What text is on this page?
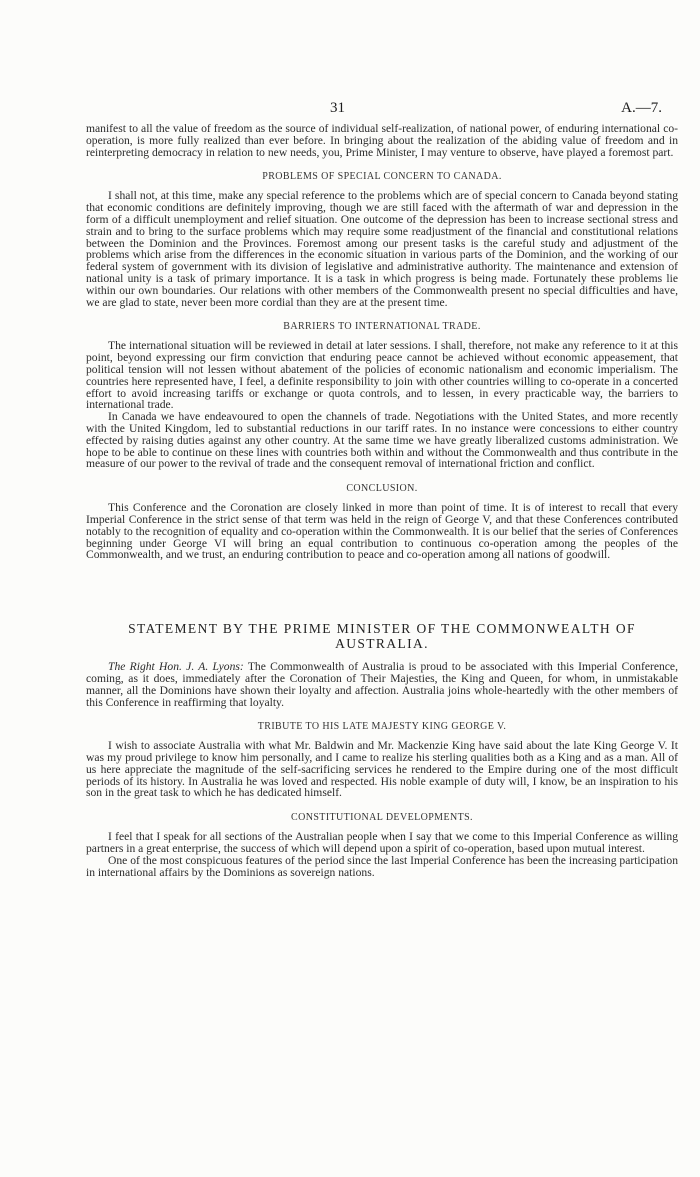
31	A.—7.

manifest to all the value of freedom as the source of individual self-realization, of national power, of enduring international co-operation, is more fully realized than ever before. In bringing about the realization of the abiding value of freedom and in reinterpreting democracy in relation to new needs, you, Prime Minister, I may venture to observe, have played a foremost part.

PROBLEMS OF SPECIAL CONCERN TO CANADA.

I shall not, at this time, make any special reference to the problems which are of special concern to Canada beyond stating that economic conditions are definitely improving, though we are still faced with the aftermath of war and depression in the form of a difficult unemployment and relief situation. One outcome of the depression has been to increase sectional stress and strain and to bring to the surface problems which may require some readjustment of the financial and constitutional relations between the Dominion and the Provinces. Foremost among our present tasks is the careful study and adjustment of the problems which arise from the differences in the economic situation in various parts of the Dominion, and the working of our federal system of government with its division of legislative and administrative authority. The maintenance and extension of national unity is a task of primary importance. It is a task in which progress is being made. Fortunately these problems lie within our own boundaries. Our relations with other members of the Commonwealth present no special difficulties and have, we are glad to state, never been more cordial than they are at the present time.

BARRIERS TO INTERNATIONAL TRADE.

The international situation will be reviewed in detail at later sessions. I shall, therefore, not make any reference to it at this point, beyond expressing our firm conviction that enduring peace cannot be achieved without economic appeasement, that political tension will not lessen without abatement of the policies of economic nationalism and economic imperialism. The countries here represented have, I feel, a definite responsibility to join with other countries willing to co-operate in a concerted effort to avoid increasing tariffs or exchange or quota controls, and to lessen, in every practicable way, the barriers to international trade.

In Canada we have endeavoured to open the channels of trade. Negotiations with the United States, and more recently with the United Kingdom, led to substantial reductions in our tariff rates. In no instance were concessions to either country effected by raising duties against any other country. At the same time we have greatly liberalized customs administration. We hope to be able to continue on these lines with countries both within and without the Commonwealth and thus contribute in the measure of our power to the revival of trade and the consequent removal of international friction and conflict.

CONCLUSION.

This Conference and the Coronation are closely linked in more than point of time. It is of interest to recall that every Imperial Conference in the strict sense of that term was held in the reign of George V, and that these Conferences contributed notably to the recognition of equality and co-operation within the Commonwealth. It is our belief that the series of Conferences beginning under George VI will bring an equal contribution to continuous co-operation among the peoples of the Commonwealth, and we trust, an enduring contribution to peace and co-operation among all nations of goodwill.

STATEMENT BY THE PRIME MINISTER OF THE COMMONWEALTH OF AUSTRALIA.

The Right Hon. J. A. Lyons: The Commonwealth of Australia is proud to be associated with this Imperial Conference, coming, as it does, immediately after the Coronation of Their Majesties, the King and Queen, for whom, in unmistakable manner, all the Dominions have shown their loyalty and affection. Australia joins whole-heartedly with the other members of this Conference in reaffirming that loyalty.

TRIBUTE TO HIS LATE MAJESTY KING GEORGE V.

I wish to associate Australia with what Mr. Baldwin and Mr. Mackenzie King have said about the late King George V. It was my proud privilege to know him personally, and I came to realize his sterling qualities both as a King and as a man. All of us here appreciate the magnitude of the self-sacrificing services he rendered to the Empire during one of the most difficult periods of its history. In Australia he was loved and respected. His noble example of duty will, I know, be an inspiration to his son in the great task to which he has dedicated himself.

CONSTITUTIONAL DEVELOPMENTS.

I feel that I speak for all sections of the Australian people when I say that we come to this Imperial Conference as willing partners in a great enterprise, the success of which will depend upon a spirit of co-operation, based upon mutual interest.

One of the most conspicuous features of the period since the last Imperial Conference has been the increasing participation in international affairs by the Dominions as sovereign nations.
